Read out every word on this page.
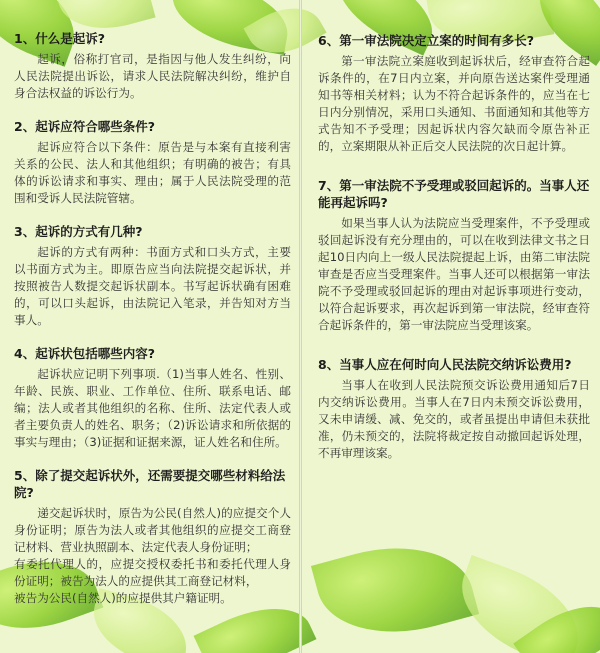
1、什么是起诉?

起诉，俗称打官司，是指因与他人发生纠纷，向人民法院提出诉讼，请求人民法院解决纠纷，维护自身合法权益的诉讼行为。

2、起诉应符合哪些条件?

起诉应符合以下条件：原告是与本案有直接利害关系的公民、法人和其他组织；有明确的被告；有具体的诉讼请求和事实、理由；属于人民法院受理的范围和受诉人民法院管辖。

3、起诉的方式有几种?

起诉的方式有两种：书面方式和口头方式，主要以书面方式为主。即原告应当向法院提交起诉状，并按照被告人数提交起诉状副本。书写起诉状确有困难的，可以口头起诉，由法院记入笔录，并告知对方当事人。

4、起诉状包括哪些内容?

起诉状应记明下列事项.（1)当事人姓名、性别、年龄、民族、职业、工作单位、住所、联系电话、邮编；法人或者其他组织的名称、住所、法定代表人或者主要负责人的姓名、职务；（2)诉讼请求和所依据的事实与理由；（3)证据和证据来源，证人姓名和住所。

5、除了提交起诉状外，还需要提交哪些材料给法院?

递交起诉状时，原告为公民(自然人)的应提交个人身份证明；原告为法人或者其他组织的应提交工商登记材料、营业执照副本、法定代表人身份证明；

有委托代理人的，应提交授权委托书和委托代理人身份证明；被告为法人的应提供其工商登记材料，

被告为公民(自然人)的应提供其户籍证明。

6、第一审法院决定立案的时间有多长?

第一审法院立案庭收到起诉状后，经审查符合起诉条件的，在7日内立案，并向原告送达案件受理通知书等相关材料；认为不符合起诉条件的，应当在七日内分别情况，采用口头通知、书面通知和其他等方式告知不予受理；因起诉状内容欠缺而令原告补正的，立案期限从补正后交人民法院的次日起计算。

7、第一审法院不予受理或驳回起诉的。当事人还能再起诉吗?

如果当事人认为法院应当受理案件，不予受理或驳回起诉没有充分理由的，可以在收到法律文书之日起10日内向上一级人民法院提起上诉，由第二审法院审查是否应当受理案件。当事人还可以根据第一审法院不予受理或驳回起诉的理由对起诉事项进行变动，以符合起诉要求，再次起诉到第一审法院，经审查符合起诉条件的，第一审法院应当受理该案。

8、当事人应在何时向人民法院交纳诉讼费用?

当事人在收到人民法院预交诉讼费用通知后7日内交纳诉讼费用。当事人在7日内未预交诉讼费用，又未申请缓、减、免交的，或者虽提出申请但未获批准，仍未预交的，法院将裁定按自动撤回起诉处理，不再审理该案。
